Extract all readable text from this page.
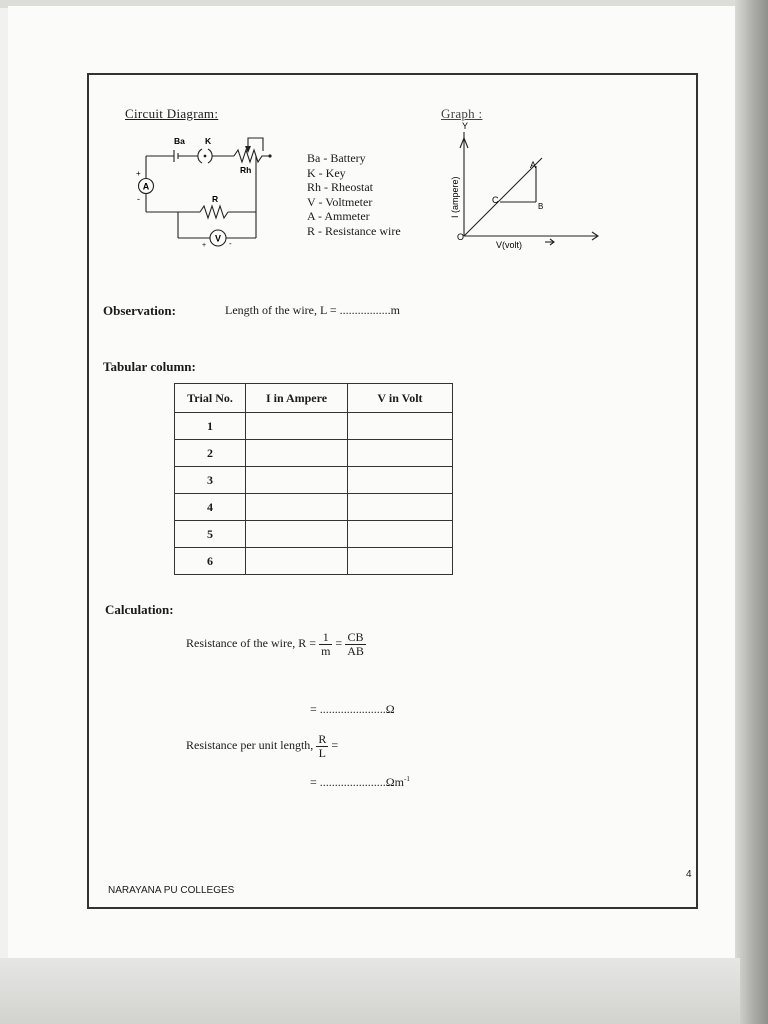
Circuit Diagram:
A
V
Ba K
Rh
R
+
-
+	-
Ba - Battery
K - Key
Rh - Rheostat
V - Voltmeter
A - Ammeter
R - Resistance wire
Graph :
Y
O
A
C
B
V(volt)
I (ampere)
Observation:	Length of the wire, L = .................m
Tabular column:
Trial No.	I in Ampere	V in Volt
1		
2		
3		
4		
5		
6		
Calculation:
Resistance of the wire, $R = \frac{1}{m} = \frac{CB}{AB}$
= ......................Ω
Resistance per unit length, $\frac{R}{L}$ =
= $......................\Omega m^{-1}$
NARAYANA PU COLLEGES
4
